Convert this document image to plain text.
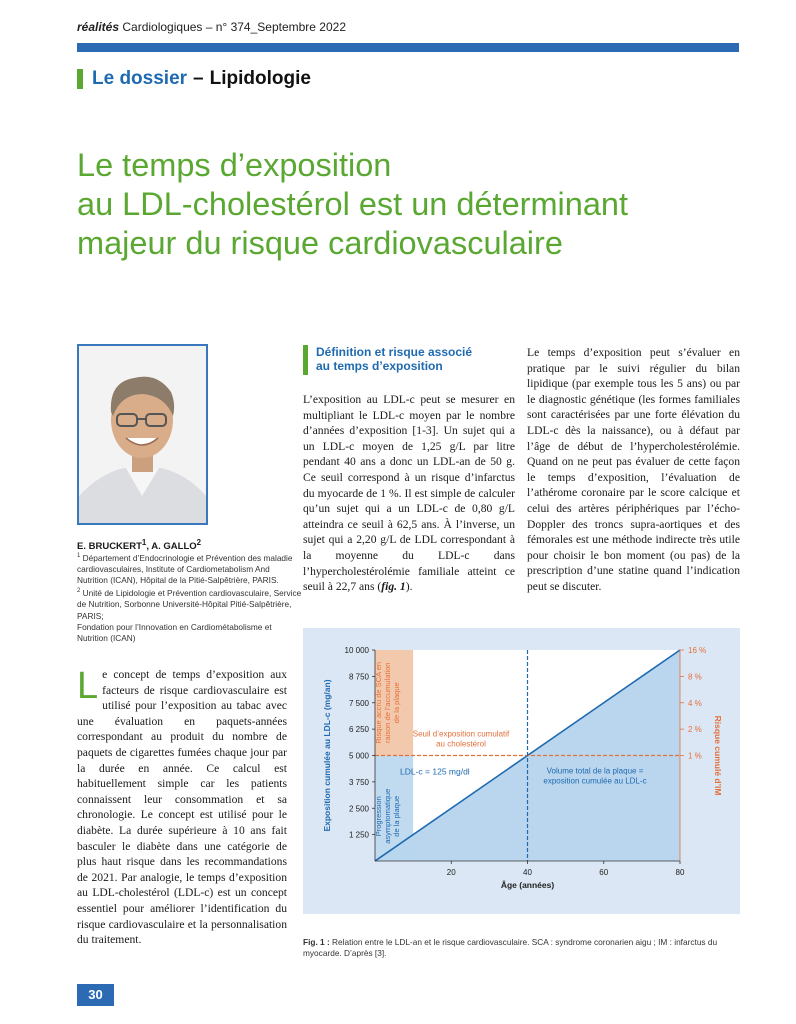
réalités Cardiologiques – n° 374_Septembre 2022
Le dossier – Lipidologie
Le temps d’exposition
au LDL-cholestérol est un déterminant
majeur du risque cardiovasculaire
E. BRUCKERT$^1$, A. GALLO$^2$
$^1$ Département d’Endocrinologie et Prévention des maladie cardiovasculaires, Institute of Cardiometabolism And Nutrition (ICAN), Hôpital de la Pitié-Salpêtrière, PARIS.
$^2$ Unité de Lipidologie et Prévention cardiovasculaire, Service de Nutrition, Sorbonne Université-Hôpital Pitié-Salpêtrière, PARIS;
Fondation pour l’Innovation en Cardiométabolisme et Nutrition (ICAN)
Le concept de temps d’exposition aux facteurs de risque cardiovasculaire est utilisé pour l’exposition au tabac avec une évaluation en paquets-années correspondant au produit du nombre de paquets de cigarettes fumées chaque jour par la durée en année. Ce calcul est habituellement simple car les patients connaissent leur consommation et sa chronologie. Le concept est utilisé pour le diabète. La durée supérieure à 10 ans fait basculer le diabète dans une catégorie de plus haut risque dans les recommandations de 2021. Par analogie, le temps d’exposition au LDL-cholestérol (LDL-c) est un concept essentiel pour améliorer l’identification du risque cardiovasculaire et la personnalisation du traitement.
Définition et risque associé
au temps d’exposition
L’exposition au LDL-c peut se mesurer en multipliant le LDL-c moyen par le nombre d’années d’exposition [1-3]. Un sujet qui a un LDL-c moyen de 1,25 g/L par litre pendant 40 ans a donc un LDL-an de 50 g. Ce seuil correspond à un risque d’infarctus du myocarde de 1 %. Il est simple de calculer qu’un sujet qui a un LDL-c de 0,80 g/L atteindra ce seuil à 62,5 ans. À l’inverse, un sujet qui a 2,20 g/L de LDL correspondant à la moyenne du LDL-c dans l’hypercholestérolémie familiale atteint ce seuil à 22,7 ans (fig. 1).
Le temps d’exposition peut s’évaluer en pratique par le suivi régulier du bilan lipidique (par exemple tous les 5 ans) ou par le diagnostic génétique (les formes familiales sont caractérisées par une forte élévation du LDL-c dès la naissance), ou à défaut par l’âge de début de l’hypercholestérolémie. Quand on ne peut pas évaluer de cette façon le temps d’exposition, l’évaluation de l’athérome coronaire par le score calcique et celui des artères périphériques par l’écho-Doppler des troncs supra-aortiques et des fémorales est une méthode indirecte très utile pour choisir le bon moment (ou pas) de la prescription d’une statine quand l’indication peut se discuter.
1 250
2 500
3 750
5 000
6 250
7 500
8 750
10 000
20	40	60	80
1 %
2 %
4 %
8 %
16 %
Âge (années)
Exposition cumulée au LDL-c (mg/an)	Risque cumulé d’IM
Seuil d’exposition cumulatif au cholestérol
LDL-c = 125 mg/dl	Volume total de la plaque = exposition cumulée au LDL-c
Risque accru de SCA enraison de l’accumulationde la plaque
Progressionasymptomatiquede la plaque
Fig. 1 : Relation entre le LDL-an et le risque cardiovasculaire. SCA : syndrome coronarien aigu ; IM : infarctus du myocarde. D’après [3].
30
